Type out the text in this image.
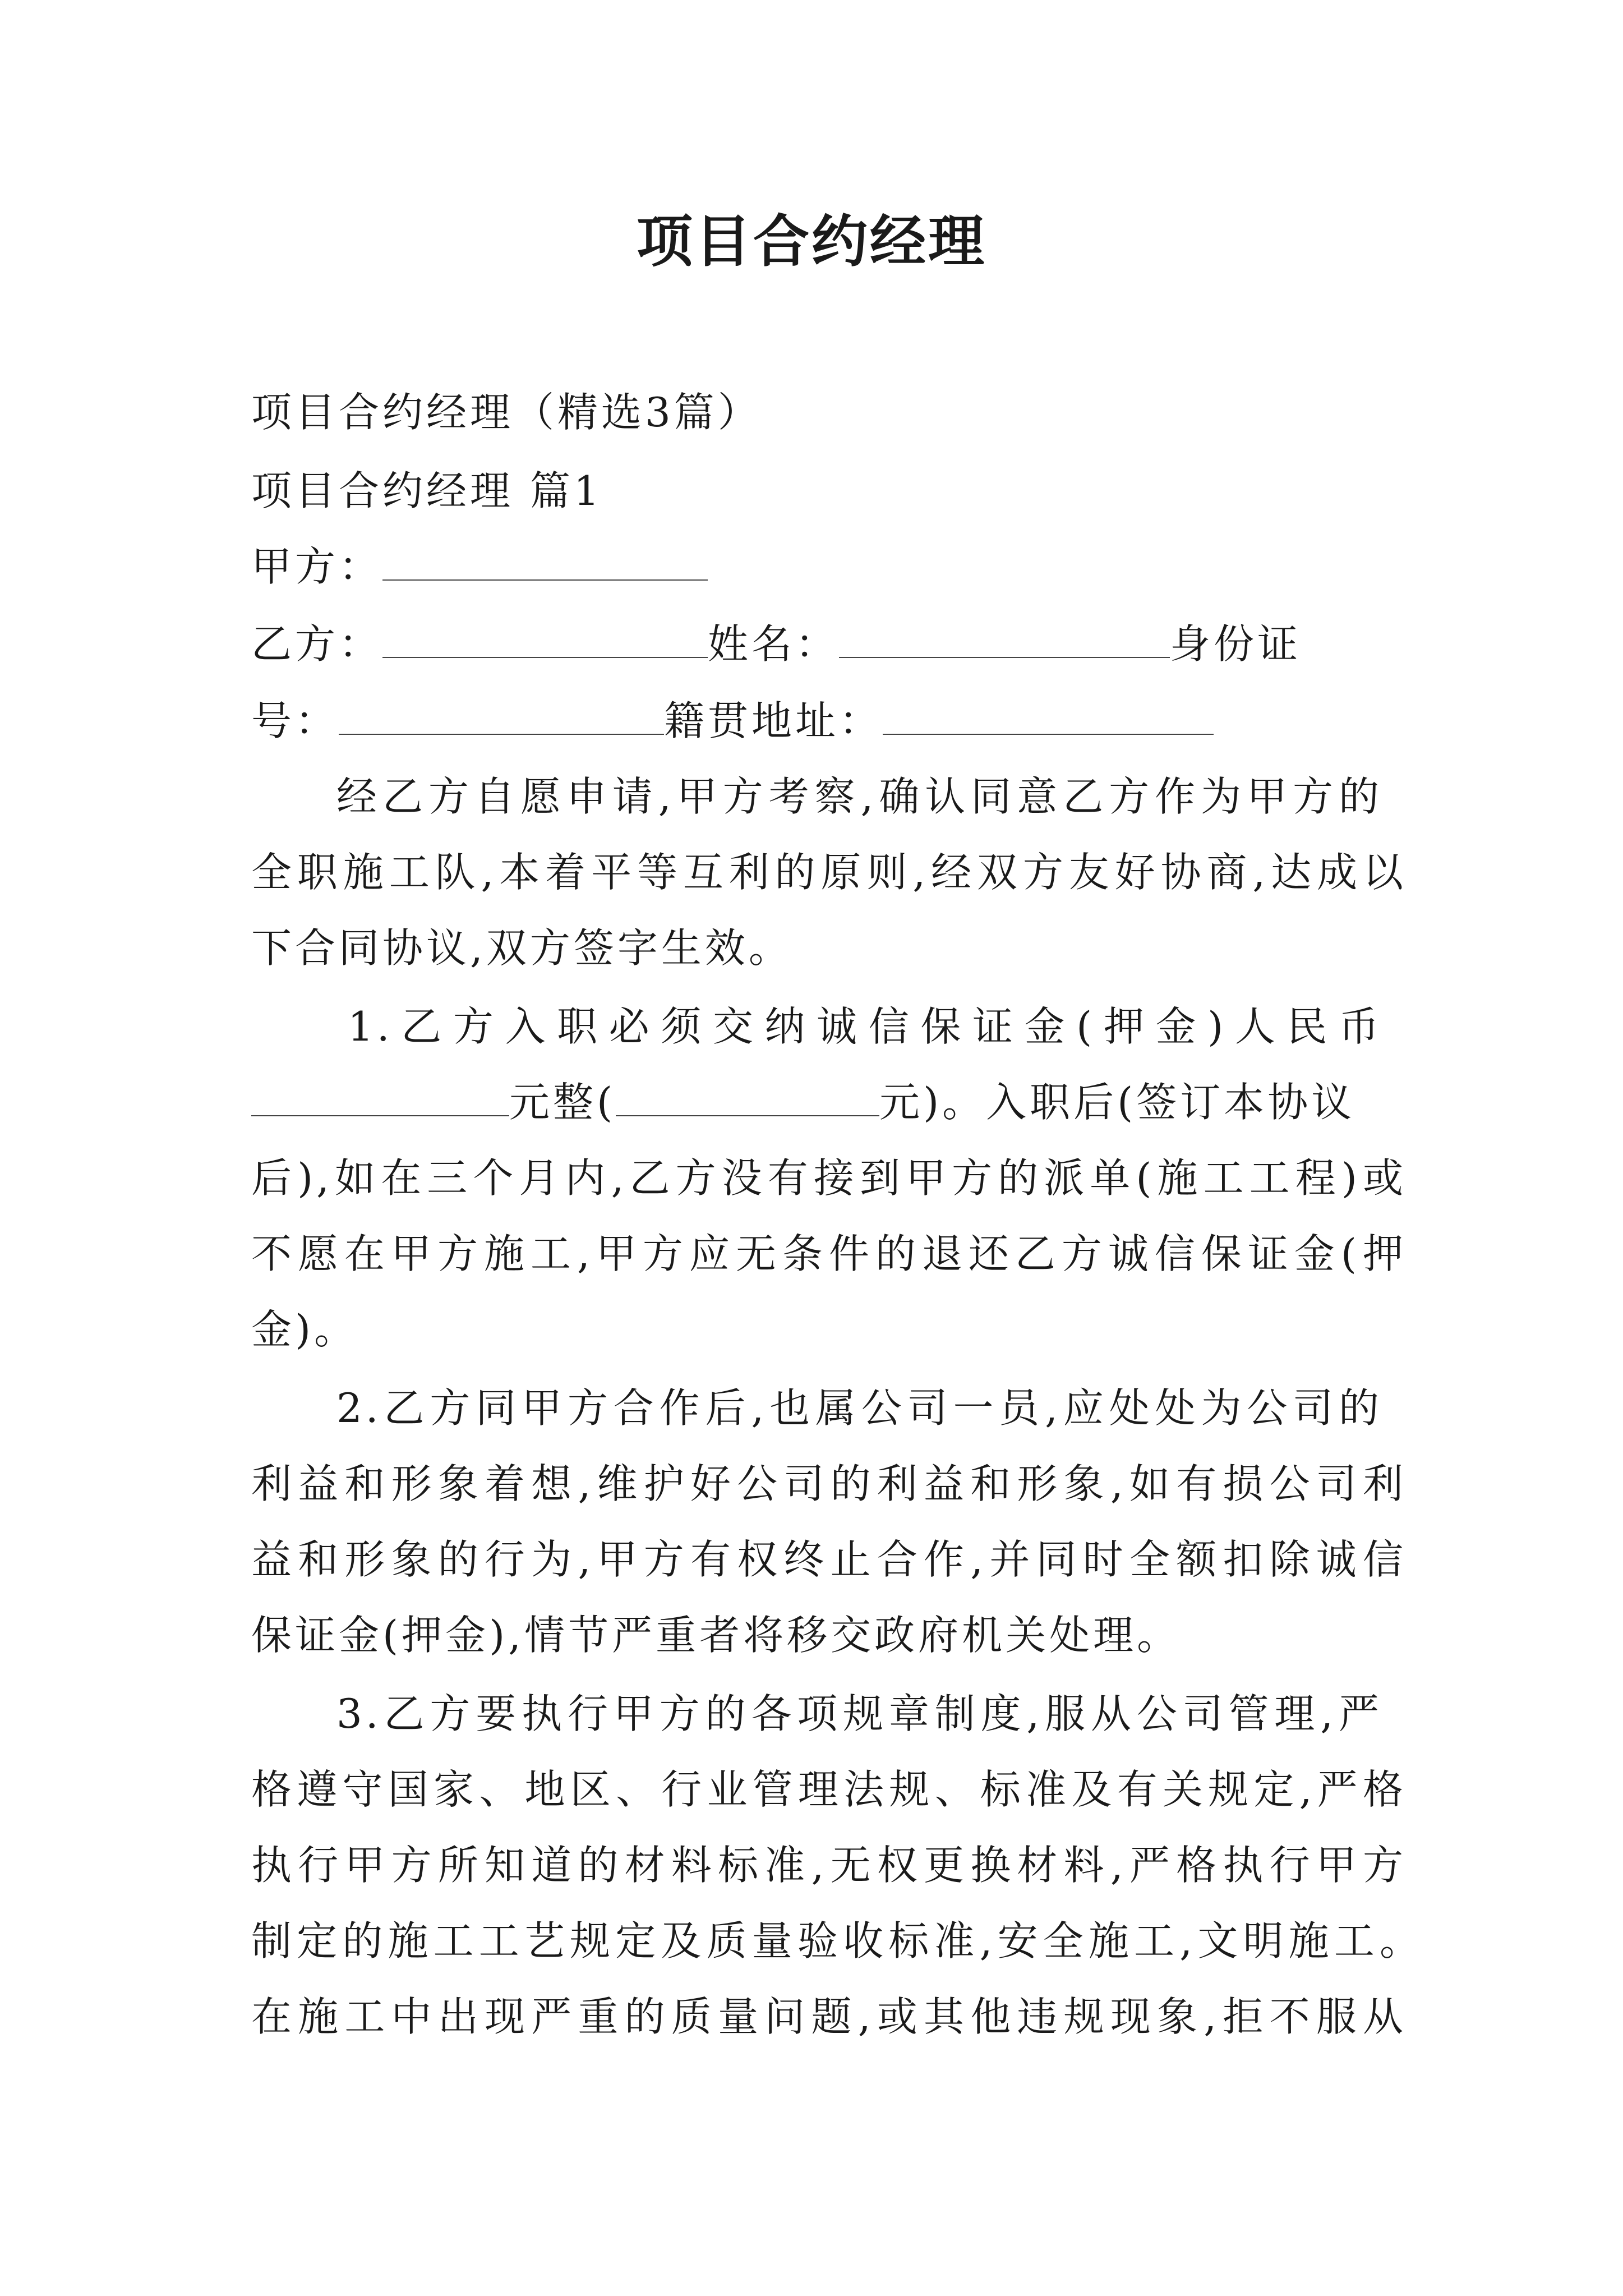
项目合约经理
项目合约经理（精选3篇）
项目合约经理 篇1
甲方：
乙方：	姓名：	身份证
号：	籍贯地址：
经乙方自愿申请,甲方考察,确认同意乙方作为甲方的
全职施工队,本着平等互利的原则,经双方友好协商,达成以
下合同协议,双方签字生效。
1.乙方入职必须交纳诚信保证金(押金)人民币
元整(	元)。入职后(签订本协议
后),如在三个月内,乙方没有接到甲方的派单(施工工程)或
不愿在甲方施工,甲方应无条件的退还乙方诚信保证金(押
金)。
2.乙方同甲方合作后,也属公司一员,应处处为公司的
利益和形象着想,维护好公司的利益和形象,如有损公司利
益和形象的行为,甲方有权终止合作,并同时全额扣除诚信
保证金(押金),情节严重者将移交政府机关处理。
3.乙方要执行甲方的各项规章制度,服从公司管理,严
格遵守国家、地区、行业管理法规、标准及有关规定,严格
执行甲方所知道的材料标准,无权更换材料,严格执行甲方
制定的施工工艺规定及质量验收标准,安全施工,文明施工。
在施工中出现严重的质量问题,或其他违规现象,拒不服从
